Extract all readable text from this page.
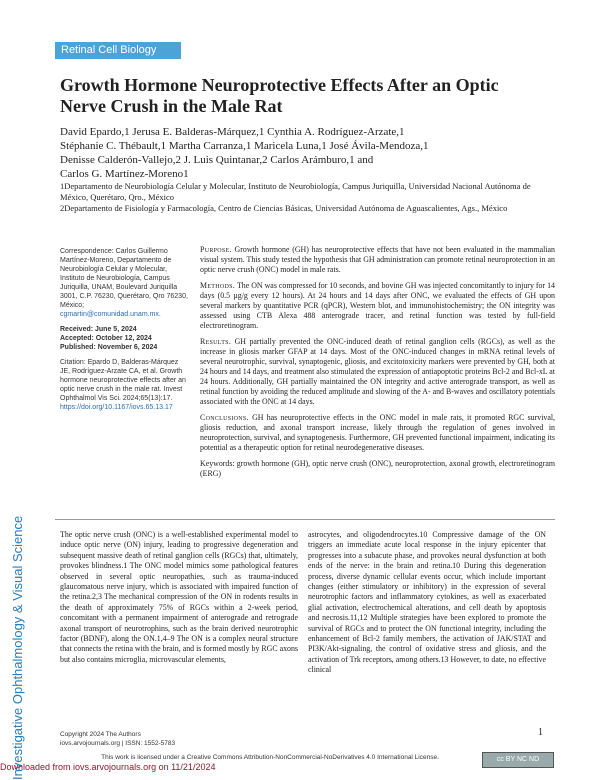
Investigative Ophthalmology & Visual Science
Retinal Cell Biology
Growth Hormone Neuroprotective Effects After an Optic Nerve Crush in the Male Rat
David Epardo,1 Jerusa E. Balderas-Márquez,1 Cynthia A. Rodríguez-Arzate,1
Stéphanie C. Thébault,1 Martha Carranza,1 Maricela Luna,1 José Ávila-Mendoza,1
Denisse Calderón-Vallejo,2 J. Luis Quintanar,2 Carlos Arámburo,1 and
Carlos G. Martínez-Moreno1
1Departamento de Neurobiología Celular y Molecular, Instituto de Neurobiología, Campus Juriquilla, Universidad Nacional Autónoma de México, Querétaro, Qro., México
2Departamento de Fisiología y Farmacología, Centro de Ciencias Básicas, Universidad Autónoma de Aguascalientes, Ags., México
Correspondence: Carlos Guillermo Martínez-Moreno, Departamento de Neurobiología Celular y Molecular, Instituto de Neurobiología, Campus Juriquilla, UNAM, Boulevard Juriquilla 3001, C.P. 76230, Querétaro, Qro 76230, México;
cgmartin@comunidad.unam.mx.
Received: June 5, 2024
Accepted: October 12, 2024
Published: November 6, 2024
Citation: Epardo D, Balderas-Márquez JE, Rodríguez-Arzate CA, et al. Growth hormone neuroprotective effects after an optic nerve crush in the male rat. Invest Ophthalmol Vis Sci. 2024;65(13):17.
https://doi.org/10.1167/iovs.65.13.17

Purpose. Growth hormone (GH) has neuroprotective effects that have not been evaluated in the mammalian visual system. This study tested the hypothesis that GH administration can promote retinal neuroprotection in an optic nerve crush (ONC) model in male rats.

Methods. The ON was compressed for 10 seconds, and bovine GH was injected concomitantly to injury for 14 days (0.5 µg/g every 12 hours). At 24 hours and 14 days after ONC, we evaluated the effects of GH upon several markers by quantitative PCR (qPCR), Western blot, and immunohistochemistry; the ON integrity was assessed using CTB Alexa 488 anterograde tracer, and retinal function was tested by full-field electroretinogram.

Results. GH partially prevented the ONC-induced death of retinal ganglion cells (RGCs), as well as the increase in gliosis marker GFAP at 14 days. Most of the ONC-induced changes in mRNA retinal levels of several neurotrophic, survival, synaptogenic, gliosis, and excitotoxicity markers were prevented by GH, both at 24 hours and 14 days, and treatment also stimulated the expression of antiapoptotic proteins Bcl-2 and Bcl-xL at 24 hours. Additionally, GH partially maintained the ON integrity and active anterograde transport, as well as retinal function by avoiding the reduced amplitude and slowing of the A- and B-waves and oscillatory potentials associated with the ONC at 14 days.

Conclusions. GH has neuroprotective effects in the ONC model in male rats, it promoted RGC survival, gliosis reduction, and axonal transport increase, likely through the regulation of genes involved in neuroprotection, survival, and synaptogenesis. Furthermore, GH prevented functional impairment, indicating its potential as a therapeutic option for retinal neurodegenerative diseases.

Keywords: growth hormone (GH), optic nerve crush (ONC), neuroprotection, axonal growth, electroretinogram (ERG)

The optic nerve crush (ONC) is a well-established experimental model to induce optic nerve (ON) injury, leading to progressive degeneration and subsequent massive death of retinal ganglion cells (RGCs) that, ultimately, provokes blindness.1 The ONC model mimics some pathological features observed in several optic neuropathies, such as trauma-induced glaucomatous nerve injury, which is associated with impaired function of the retina.2,3 The mechanical compression of the ON in rodents results in the death of approximately 75% of RGCs within a 2-week period, concomitant with a permanent impairment of anterograde and retrograde axonal transport of neurotrophins, such as the brain derived neurotrophic factor (BDNF), along the ON.1,4–9 The ON is a complex neural structure that connects the retina with the brain, and is formed mostly by RGC axons but also contains microglia, microvascular elements,
astrocytes, and oligodendrocytes.10 Compressive damage of the ON triggers an immediate acute local response in the injury epicenter that progresses into a subacute phase, and provokes neural dysfunction at both ends of the nerve: in the brain and retina.10 During this degeneration process, diverse dynamic cellular events occur, which include important changes (either stimulatory or inhibitory) in the expression of several neurotrophic factors and inflammatory cytokines, as well as exacerbated glial activation, electrochemical alterations, and cell death by apoptosis and necrosis.11,12 Multiple strategies have been explored to promote the survival of RGCs and to protect the ON functional integrity, including the enhancement of Bcl-2 family members, the activation of JAK/STAT and PI3K/Akt-signaling, the control of oxidative stress and gliosis, and the activation of Trk receptors, among others.13 However, to date, no effective clinical
Copyright 2024 The Authors
iovs.arvojournals.org | ISSN: 1552-5783
1
This work is licensed under a Creative Commons Attribution-NonCommercial-NoDerivatives 4.0 International License.	cc BY NC ND
Downloaded from iovs.arvojournals.org on 11/21/2024
